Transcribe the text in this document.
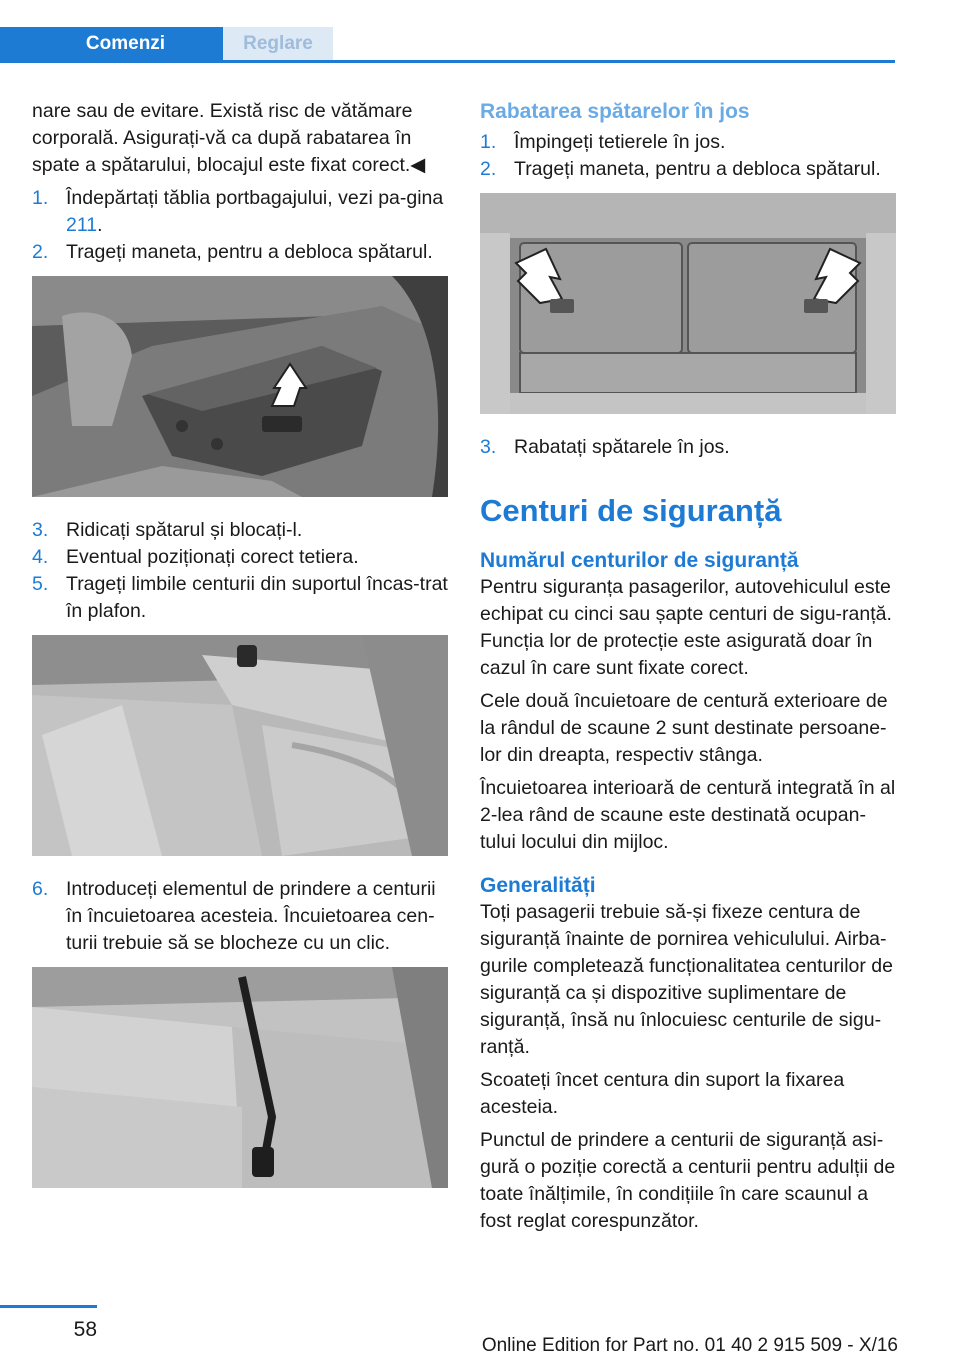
Comenzi	Reglare

nare sau de evitare. Există risc de vătămare corporală. Asigurați-vă ca după rabatarea în spate a spătarului, blocajul este fixat corect.◀

1. Îndepărtați tăblia portbagajului, vezi pa-gina 211.
2. Trageți maneta, pentru a debloca spătarul.
3. Ridicați spătarul și blocați-l.
4. Eventual poziționați corect tetiera.
5. Trageți limbile centurii din suportul încas-trat în plafon.
6. Introduceți elementul de prindere a centurii în încuietoarea acesteia. Încuietoarea cen-turii trebuie să se blocheze cu un clic.
Rabatarea spătarelor în jos
1. Împingeți tetierele în jos.
2. Trageți maneta, pentru a debloca spătarul.
3. Rabatați spătarele în jos.
Centuri de siguranță
Numărul centurilor de siguranță

Pentru siguranța pasagerilor, autovehiculul este echipat cu cinci sau șapte centuri de sigu-ranță. Funcția lor de protecție este asigurată doar în cazul în care sunt fixate corect.

Cele două încuietoare de centură exterioare de la rândul de scaune 2 sunt destinate persoane-lor din dreapta, respectiv stânga.

Încuietoarea interioară de centură integrată în al 2-lea rând de scaune este destinată ocupan-tului locului din mijloc.

Generalități

Toți pasagerii trebuie să-și fixeze centura de siguranță înainte de pornirea vehiculului. Airba-gurile completează funcționalitatea centurilor de siguranță ca și dispozitive suplimentare de siguranță, însă nu înlocuiesc centurile de sigu-ranță.

Scoateți încet centura din suport la fixarea acesteia.

Punctul de prindere a centurii de siguranță asi-gură o poziție corectă a centurii pentru adulții de toate înălțimile, în condițiile în care scaunul a fost reglat corespunzător.

58
Online Edition for Part no. 01 40 2 915 509 - X/16
